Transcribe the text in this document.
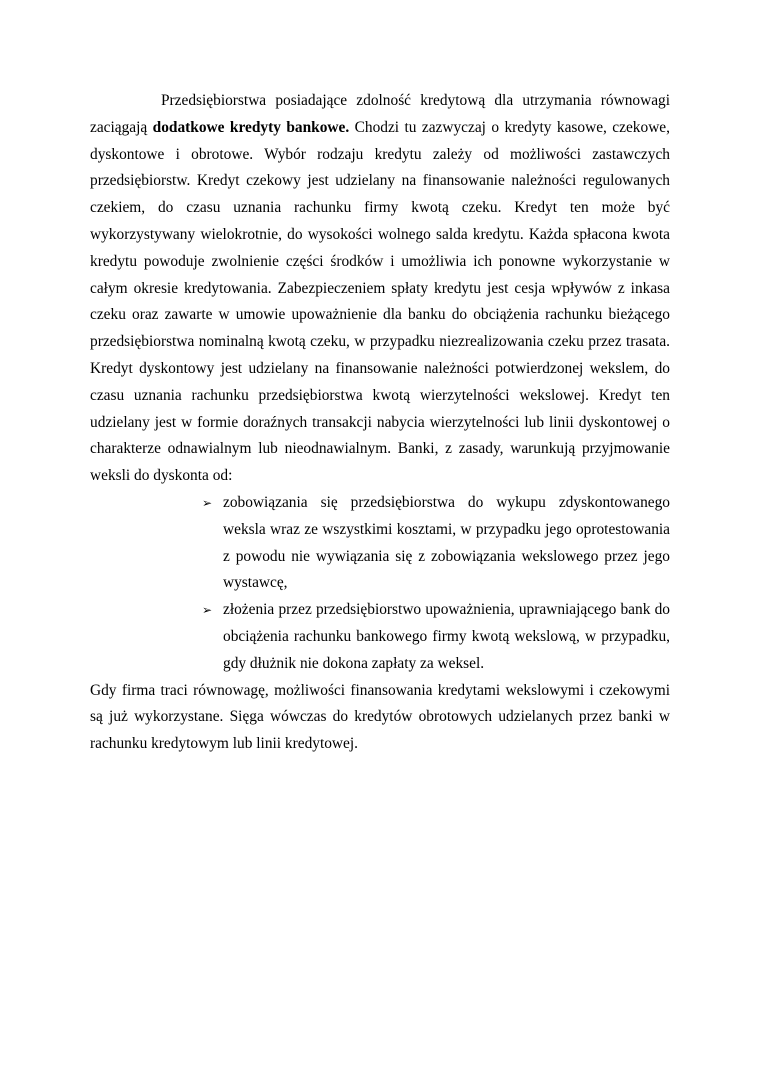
Przedsiębiorstwa posiadające zdolność kredytową dla utrzymania równowagi zaciągają dodatkowe kredyty bankowe. Chodzi tu zazwyczaj o kredyty kasowe, czekowe, dyskontowe i obrotowe. Wybór rodzaju kredytu zależy od możliwości zastawczych przedsiębiorstw. Kredyt czekowy jest udzielany na finansowanie należności regulowanych czekiem, do czasu uznania rachunku firmy kwotą czeku. Kredyt ten może być wykorzystywany wielokrotnie, do wysokości wolnego salda kredytu. Każda spłacona kwota kredytu powoduje zwolnienie części środków i umożliwia ich ponowne wykorzystanie w całym okresie kredytowania. Zabezpieczeniem spłaty kredytu jest cesja wpływów z inkasa czeku oraz zawarte w umowie upoważnienie dla banku do obciążenia rachunku bieżącego przedsiębiorstwa nominalną kwotą czeku, w przypadku niezrealizowania czeku przez trasata. Kredyt dyskontowy jest udzielany na finansowanie należności potwierdzonej wekslem, do czasu uznania rachunku przedsiębiorstwa kwotą wierzytelności wekslowej. Kredyt ten udzielany jest w formie doraźnych transakcji nabycia wierzytelności lub linii dyskontowej o charakterze odnawialnym lub nieodnawialnym. Banki, z zasady, warunkują przyjmowanie weksli do dyskonta od:

➢ zobowiązania się przedsiębiorstwa do wykupu zdyskontowanego weksla wraz ze wszystkimi kosztami, w przypadku jego oprotestowania z powodu nie wywiązania się z zobowiązania wekslowego przez jego wystawcę,
➢ złożenia przez przedsiębiorstwo upoważnienia, uprawniającego bank do obciążenia rachunku bankowego firmy kwotą wekslową, w przypadku, gdy dłużnik nie dokona zapłaty za weksel.

Gdy firma traci równowagę, możliwości finansowania kredytami wekslowymi i czekowymi są już wykorzystane. Sięga wówczas do kredytów obrotowych udzielanych przez banki w rachunku kredytowym lub linii kredytowej.
